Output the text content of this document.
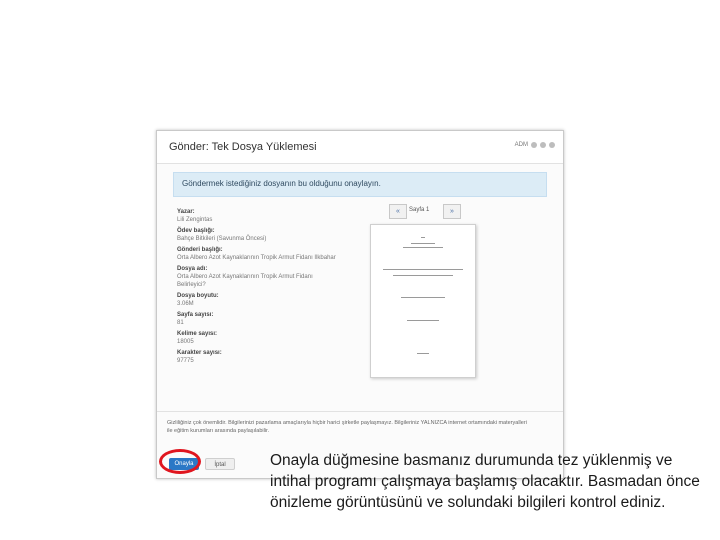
Gönder: Tek Dosya Yüklemesi	ADM
Göndermek istediğiniz dosyanın bu olduğunu onaylayın.
Yazar:
Lili Zengintas
Ödev başlığı:
Bahçe Bitkileri (Savunma Öncesi)
Gönderi başlığı:
Orta Albero Azot Kaynaklarının Tropik Armut Fidanı Ilkbahar
Dosya adı:
Orta Albero Azot Kaynaklarının Tropik Armut Fidanı Belirleyici?
Dosya boyutu:
3.06M
Sayfa sayısı:
81
Kelime sayısı:
18005
Karakter sayısı:
97775
«	Sayfa 1	»
Gizliliğiniz çok önemlidir. Bilgilerinizi pazarlama amaçlarıyla hiçbir harici şirketle paylaşmayız. Bilgileriniz YALNIZCA internet ortamındaki materyalleri ile eğitim kurumları arasında paylaşılabilir.
Onayla	İptal	Onayla düğmesine basmanız durumunda tez yüklenmiş ve intihal programı çalışmaya başlamış olacaktır. Basmadan önce önizleme görüntüsünü ve solundaki bilgileri kontrol ediniz.
